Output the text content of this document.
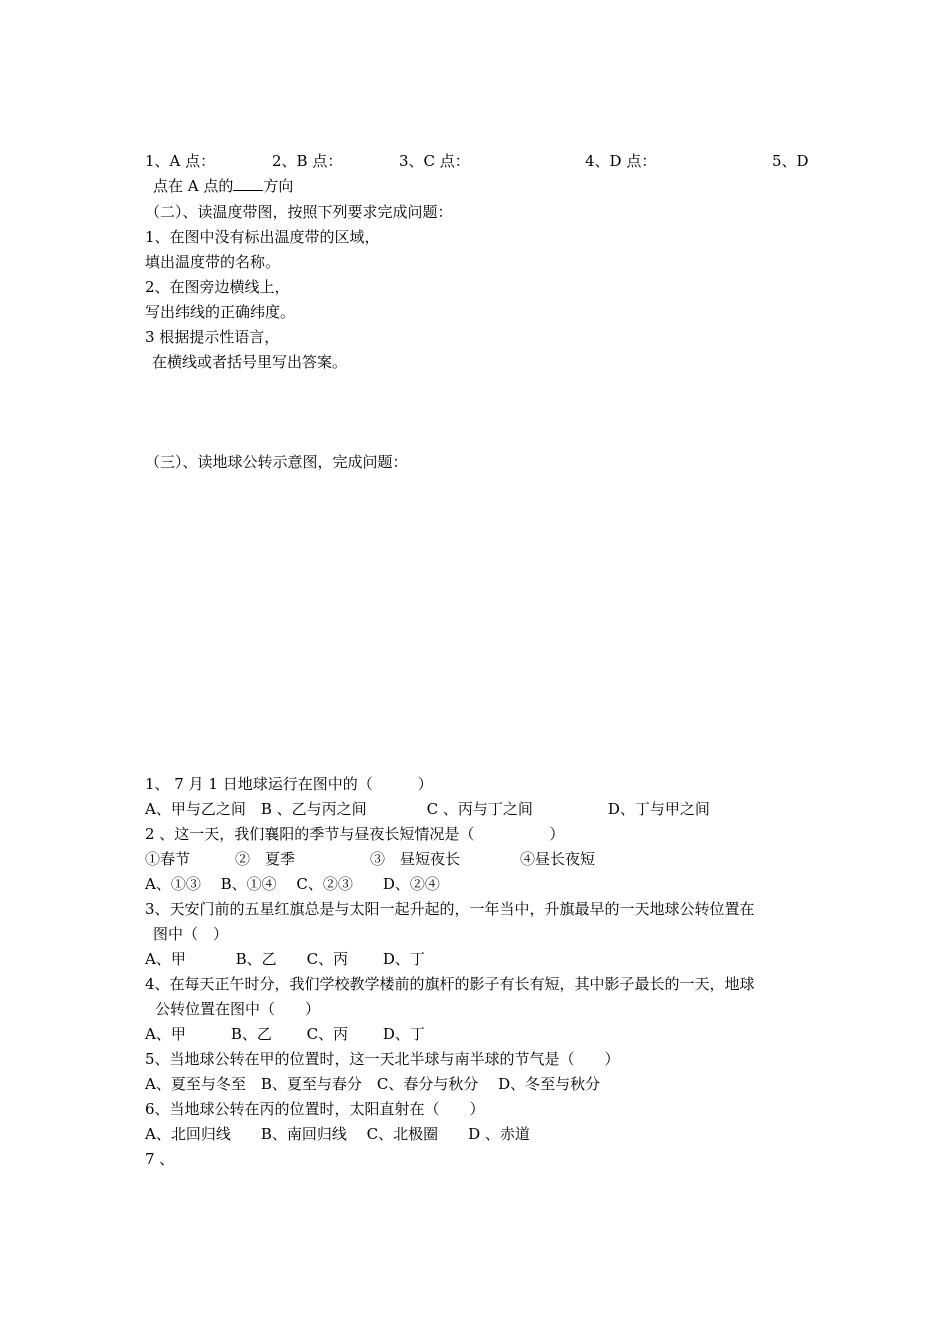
1、A 点：	2、B 点：	3、C 点：	4、D 点：	5、D
点在 A 点的 方向
（二）、读温度带图，按照下列要求完成问题：
1、在图中没有标出温度带的区域，
填出温度带的名称。
2、在图旁边横线上，
写出纬线的正确纬度。
3 根据提示性语言，
在横线或者括号里写出答案。
（三）、读地球公转示意图，完成问题：
1、 7 月 1 日地球运行在图中的（　　　）
A、甲与乙之间　B 、乙与丙之间　　　　C 、丙与丁之间　　　　　D、丁与甲之间
2 、这一天，我们襄阳的季节与昼夜长短情况是（　　　　　）
①春节　　　②　夏季　　　　　③　昼短夜长　　　　④昼长夜短
A、①③　 B、①④　 C、②③　　D、②④
3、天安门前的五星红旗总是与太阳一起升起的，一年当中，升旗最早的一天地球公转位置在
图中（　）
A、甲　　　 B、乙　　C、丙　　 D、丁
4、在每天正午时分，我们学校教学楼前的旗杆的影子有长有短，其中影子最长的一天，地球
公转位置在图中（　　）
A、甲　　　B、乙　　 C、丙　　 D、丁
5、当地球公转在甲的位置时，这一天北半球与南半球的节气是（　　）
A、夏至与冬至　B、夏至与春分　C、春分与秋分　 D、冬至与秋分
6、当地球公转在丙的位置时，太阳直射在（　　）
A、北回归线　　B、南回归线　 C、北极圈　　D 、赤道
7 、
